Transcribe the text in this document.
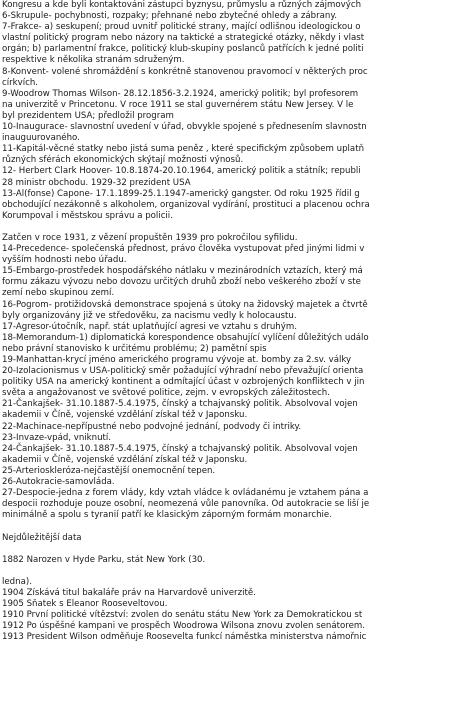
Kongresu a kde byli kontaktováni zástupci byznysu, průmyslu a různých zájmových
6-Skrupule- pochybnosti, rozpaky; přehnané nebo zbytečné ohledy a zábrany.
7-Frakce- a) seskupení; proud uvnitř politické strany, mající odlišnou ideologickou o
vlastní politický program nebo názory na taktické a strategické otázky, někdy i vlast
orgán; b) parlamentní frakce, politický klub-skupiny poslanců patřících k jedné politi
respektive k několika stranám sdruženým.
8-Konvent- volené shromáždění s konkrétně stanovenou pravomocí v některých proc
církvích.
9-Woodrow Thomas Wilson- 28.12.1856-3.2.1924, americký politik; byl profesorem
na univerzitě v Princetonu. V roce 1911 se stal guvernérem státu New Jersey. V le
byl prezidentem USA; předložil program
10-Inaugurace- slavnostní uvedení v úřad, obvykle spojené s přednesením slavnostn
inauguurovaného.
11-Kapitál-věcné statky nebo jistá suma peněz , které specifickým způsobem uplatň
různých sférách ekonomických skýtají možnosti výnosů.
12- Herbert Clark Hoover- 10.8.1874-20.10.1964, americký politik a státník; republi
28 ministr obchodu. 1929-32 prezident USA
13-Al(fonse) Capone- 17.1.1899-25.1.1947-americký gangster. Od roku 1925 řídil g
obchodující nezákonně s alkoholem, organizoval vydírání, prostituci a placenou ochra
Korumpoval i městskou správu a policii.
Zatčen v roce 1931, z vězení propuštěn 1939 pro pokročilou syfilidu.
14-Precedence- společenská přednost, právo člověka vystupovat před jinými lidmi v
vyšším hodnosti nebo úřadu.
15-Embargo-prostředek hospodářského nátlaku v mezinárodních vztazích, který má
formu zákazu vývozu nebo dovozu určitých druhů zboží nebo veškerého zboží v ste
zemí nebo skupinou zemí.
16-Pogrom- protižidovská demonstrace spojená s útoky na židovský majetek a čtvrtě
byly organizovány již ve středověku, za nacismu vedly k holocaustu.
17-Agresor-útočník, např. stát uplatňující agresi ve vztahu s druhým.
18-Memorandum-1) diplomatická korespondence obsahující vylíčení důležitých událo
nebo právní stanovisko k určitému problému; 2) pamětní spis
19-Manhattan-krycí jméno amerického programu vývoje at. bomby za 2.sv. války
20-Izolacionismus v USA-politický směr požadující výhradní nebo převažující orienta
politiky USA na americký kontinent a odmítající účast v ozbrojených konfliktech v jin
světa a angažovanost ve světové politice, zejm. v evropských záležitostech.
21-Čankajšek- 31.10.1887-5.4.1975, čínský a tchajvanský politik. Absolvoval vojen
akademii v Číně, vojenské vzdělání získal též v Japonsku.
22-Machinace-nepřípustné nebo podvojné jednání, podvody či intriky.
23-Invaze-vpád, vniknutí.
24-Čankajšek- 31.10.1887-5.4.1975, čínský a tchajvanský politik. Absolvoval vojen
akademii v Číně, vojenské vzdělání získal též v Japonsku.
25-Arterioskleróza-nejčastější onemocnění tepen.
26-Autokracie-samovláda.
27-Despocie-jedna z forem vlády, kdy vztah vládce k ovládanému je vztahem pána a
despocii rozhoduje pouze osobní, neomezená vůle panovníka. Od autokracie se liší je
minimálně a spolu s tyranií patří ke klasickým záporným formám monarchie.
Nejdůležitější data
1882 Narozen v Hyde Parku, stát New York (30.
ledna).
1904 Získává titul bakaláře práv na Harvardově univerzitě.
1905 Sňatek s Eleanor Rooseveltovou.
1910 První politické vítězství: zvolen do senátu státu New York za Demokratickou st
1912 Po úspěšné kampani ve prospěch Woodrowa Wilsona znovu zvolen senátorem.
1913 President Wilson odměňuje Roosevelta funkcí náměstka ministerstva námořnic
